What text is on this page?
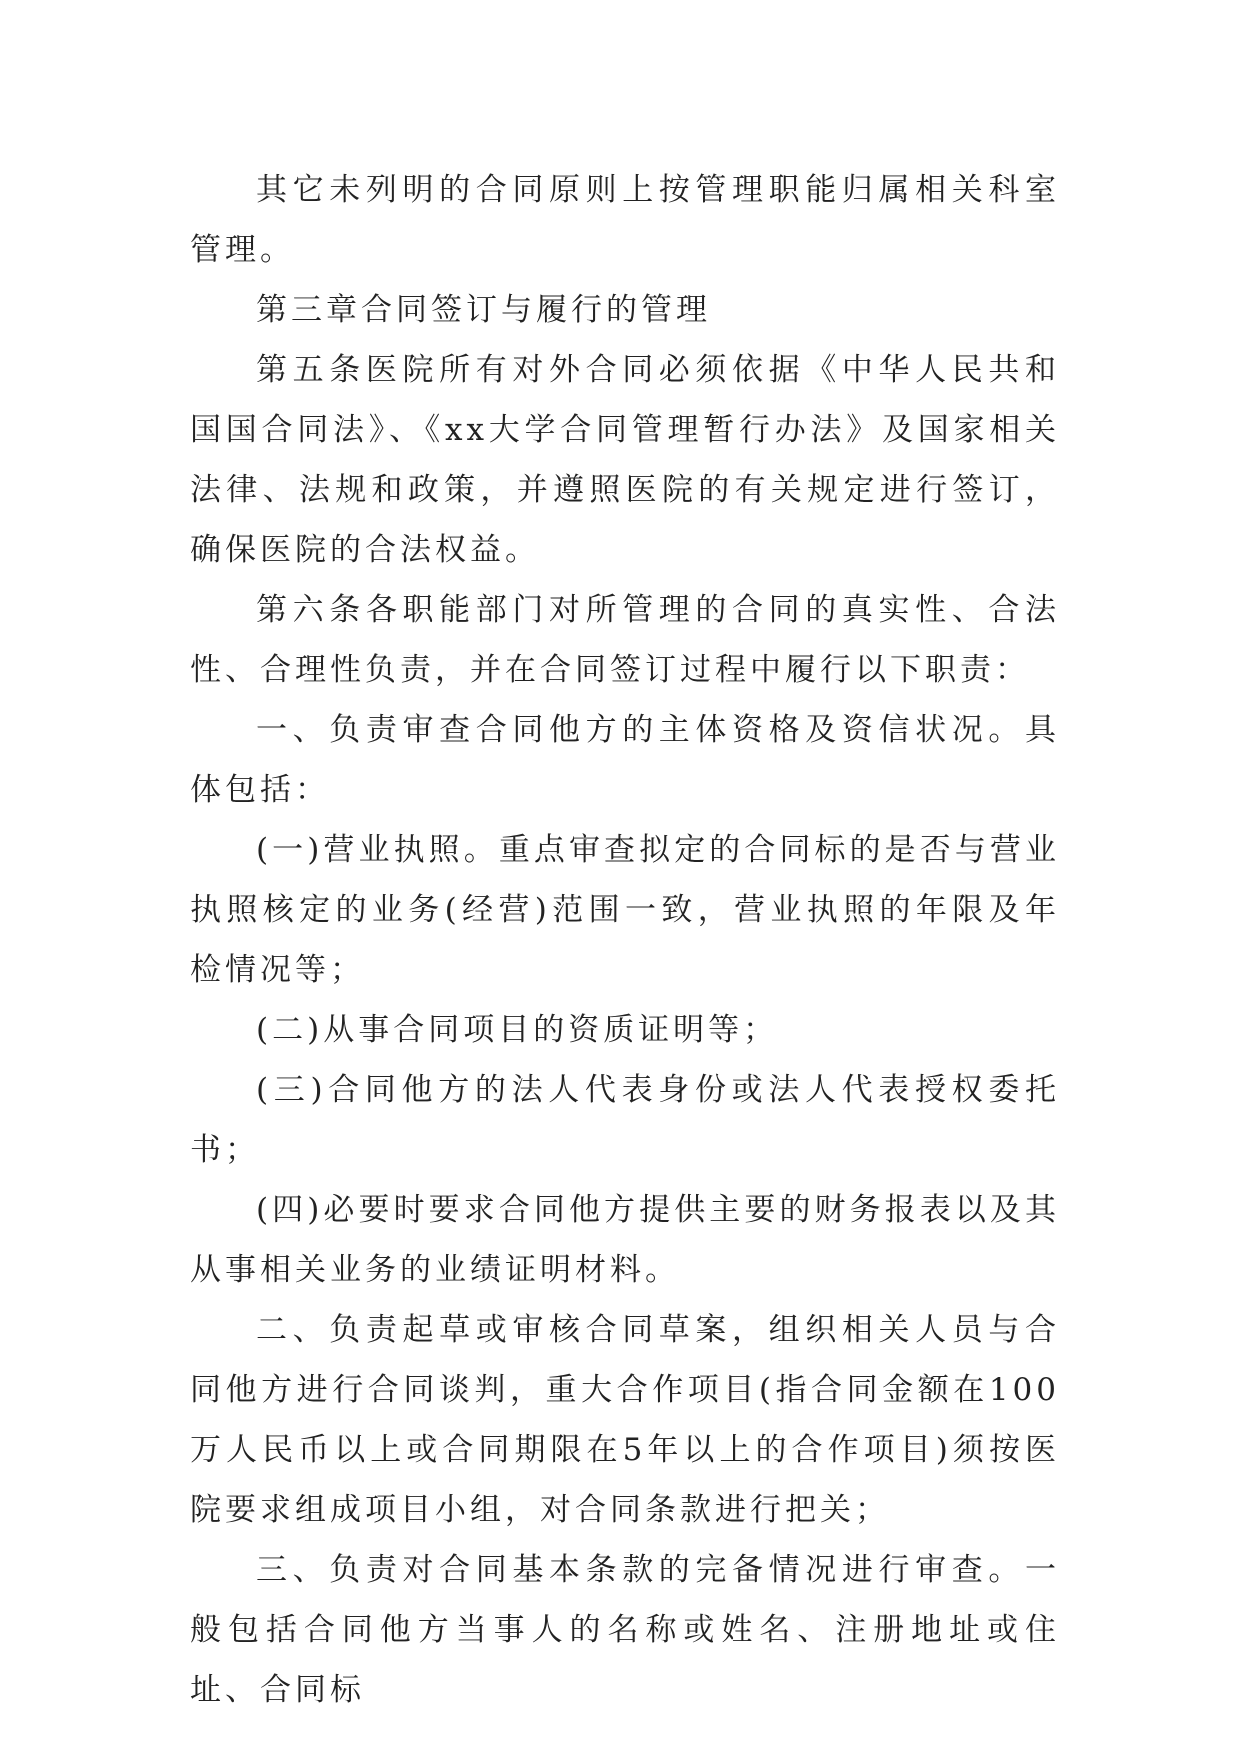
其它未列明的合同原则上按管理职能归属相关科室管理。

第三章合同签订与履行的管理

第五条医院所有对外合同必须依据《中华人民共和国国合同法》、《xx大学合同管理暂行办法》及国家相关法律、法规和政策，并遵照医院的有关规定进行签订，确保医院的合法权益。

第六条各职能部门对所管理的合同的真实性、合法性、合理性负责，并在合同签订过程中履行以下职责：

一、负责审查合同他方的主体资格及资信状况。具体包括：

(一)营业执照。重点审查拟定的合同标的是否与营业执照核定的业务(经营)范围一致，营业执照的年限及年检情况等；

(二)从事合同项目的资质证明等；

(三)合同他方的法人代表身份或法人代表授权委托书；

(四)必要时要求合同他方提供主要的财务报表以及其从事相关业务的业绩证明材料。

二、负责起草或审核合同草案，组织相关人员与合同他方进行合同谈判，重大合作项目(指合同金额在100万人民币以上或合同期限在5年以上的合作项目)须按医院要求组成项目小组，对合同条款进行把关；

三、负责对合同基本条款的完备情况进行审查。一般包括合同他方当事人的名称或姓名、注册地址或住址、合同标
